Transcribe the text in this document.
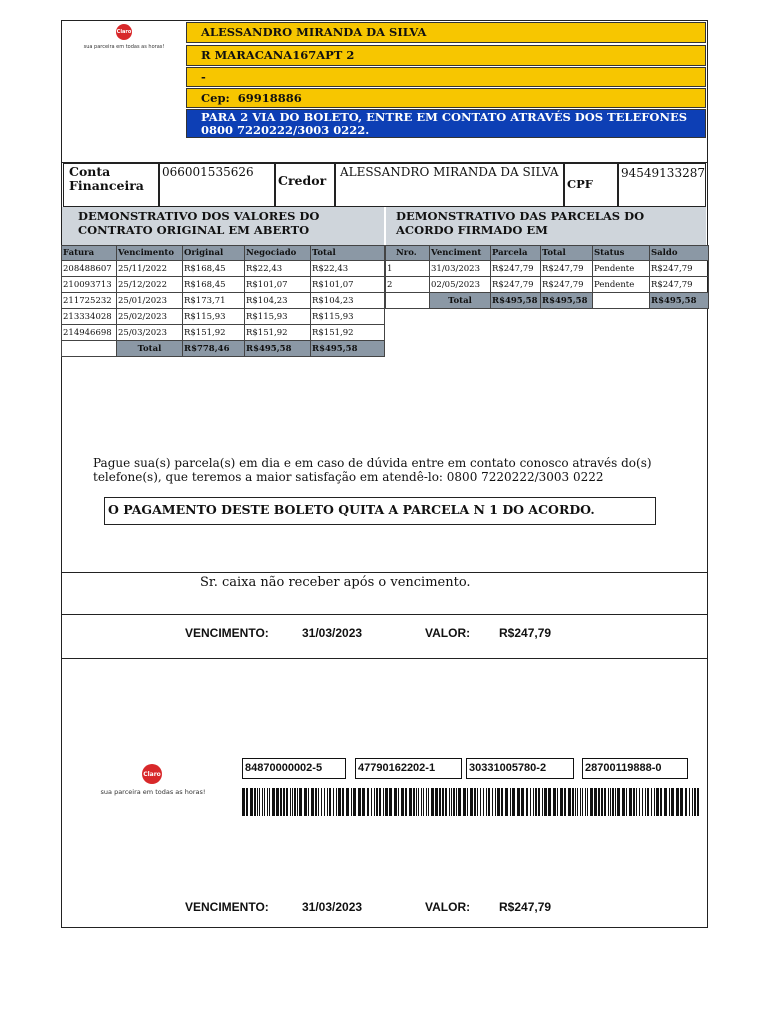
Claro
sua parceira em todas as horas!
ALESSANDRO MIRANDA DA SILVA
R MARACANA167APT 2
-
Cep: 69918886
PARA 2 VIA DO BOLETO, ENTRE EM CONTATO ATRAVÉS DOS TELEFONES 0800 7220222/3003 0222.
Conta Financeira
066001535626
Credor
ALESSANDRO MIRANDA DA SILVA
CPF
94549133287
DEMONSTRATIVO DOS VALORES DO CONTRATO ORIGINAL EM ABERTO
DEMONSTRATIVO DAS PARCELAS DO ACORDO FIRMADO EM
Fatura	Vencimento	Original	Negociado	Total
208488607	25/11/2022	R$168,45	R$22,43	R$22,43
210093713	25/12/2022	R$168,45	R$101,07	R$101,07
211725232	25/01/2023	R$173,71	R$104,23	R$104,23
213334028	25/02/2023	R$115,93	R$115,93	R$115,93
214946698	25/03/2023	R$151,92	R$151,92	R$151,92
	Total	R$778,46	R$495,58	R$495,58
Nro.	Venciment	Parcela	Total	Status	Saldo
1	31/03/2023	R$247,79	R$247,79	Pendente	R$247,79
2	02/05/2023	R$247,79	R$247,79	Pendente	R$247,79
	Total	R$495,58	R$495,58		R$495,58
Pague sua(s) parcela(s) em dia e em caso de dúvida entre em contato conosco através do(s) telefone(s), que teremos a maior satisfação em atendê-lo: 0800 7220222/3003 0222
O PAGAMENTO DESTE BOLETO QUITA A PARCELA N 1 DO ACORDO.
Sr. caixa não receber após o vencimento.
VENCIMENTO:	31/03/2023	VALOR: R$247,79
Claro
sua parceira em todas as horas!
84870000002-5	47790162202-1	30331005780-2	28700119888-0
VENCIMENTO:	31/03/2023	VALOR: R$247,79
